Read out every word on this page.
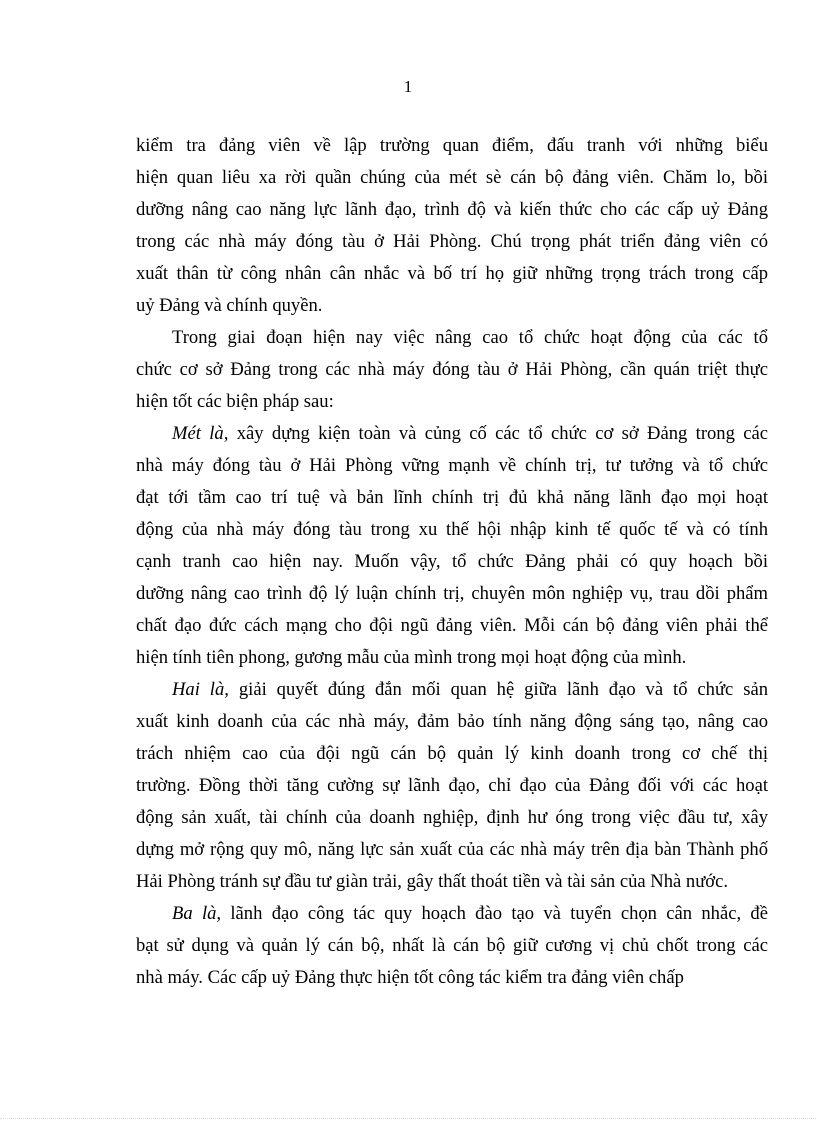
1
kiểm tra đảng viên về lập trường quan điểm, đấu tranh với những biểu
hiện quan liêu xa rời quần chúng của mét sè cán bộ đảng viên. Chăm lo, bồi
dưỡng nâng cao năng lực lãnh đạo, trình độ và kiến thức cho các cấp uỷ Đảng
trong các nhà máy đóng tàu ở Hải Phòng. Chú trọng phát triển đảng viên có
xuất thân từ công nhân cân nhắc và bố trí họ giữ những trọng trách trong cấp
uỷ Đảng và chính quyền.
Trong giai đoạn hiện nay việc nâng cao tổ chức hoạt động của các tổ
chức cơ sở Đảng trong các nhà máy đóng tàu ở Hải Phòng, cần quán triệt thực
hiện tốt các biện pháp sau:
Mét là, xây dựng kiện toàn và củng cố các tổ chức cơ sở Đảng trong các
nhà máy đóng tàu ở Hải Phòng vững mạnh về chính trị, tư tưởng và tổ chức
đạt tới tầm cao trí tuệ và bản lĩnh chính trị đủ khả năng lãnh đạo mọi hoạt
động của nhà máy đóng tàu trong xu thế hội nhập kinh tế quốc tế và có tính
cạnh tranh cao hiện nay. Muốn vậy, tổ chức Đảng phải có quy hoạch bồi
dưỡng nâng cao trình độ lý luận chính trị, chuyên môn nghiệp vụ, trau dồi phẩm
chất đạo đức cách mạng cho đội ngũ đảng viên. Mỗi cán bộ đảng viên phải thể
hiện tính tiên phong, gương mẫu của mình trong mọi hoạt động của mình.
Hai là, giải quyết đúng đắn mối quan hệ giữa lãnh đạo và tổ chức sản
xuất kinh doanh của các nhà máy, đảm bảo tính năng động sáng tạo, nâng cao
trách nhiệm cao của đội ngũ cán bộ quản lý kinh doanh trong cơ chế thị
trường. Đồng thời tăng cường sự lãnh đạo, chỉ đạo của Đảng đối với các hoạt
động sản xuất, tài chính của doanh nghiệp, định hư óng trong việc đầu tư, xây
dựng mở rộng quy mô, năng lực sản xuất của các nhà máy trên địa bàn Thành phố
Hải Phòng tránh sự đầu tư giàn trải, gây thất thoát tiền và tài sản của Nhà nước.
Ba là, lãnh đạo công tác quy hoạch đào tạo và tuyển chọn cân nhắc, đề
bạt sử dụng và quản lý cán bộ, nhất là cán bộ giữ cương vị chủ chốt trong các
nhà máy. Các cấp uỷ Đảng thực hiện tốt công tác kiểm tra đảng viên chấp
